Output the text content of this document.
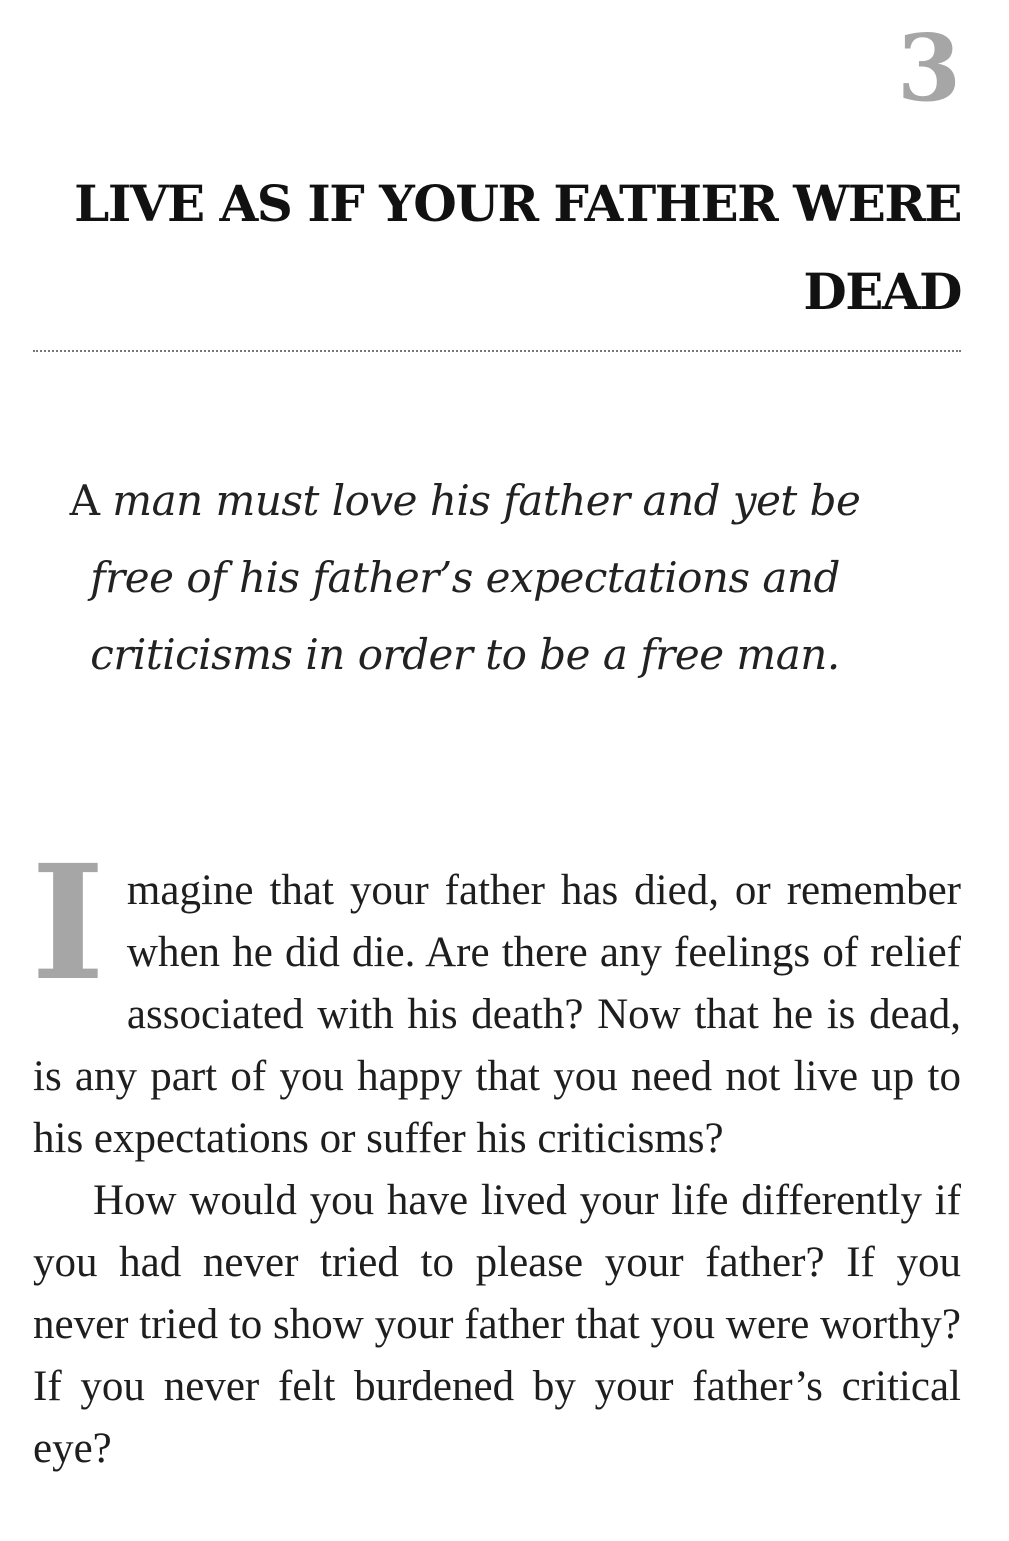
3
LIVE AS IF YOUR FATHER WERE DEAD
A man must love his father and yet be free of his father’s expectations and criticisms in order to be a free man.

Imagine that your father has died, or remember when he did die. Are there any feelings of relief associated with his death? Now that he is dead, is any part of you happy that you need not live up to his expectations or suffer his criticisms?

How would you have lived your life differently if you had never tried to please your father? If you never tried to show your father that you were worthy? If you never felt burdened by your father’s critical eye?
